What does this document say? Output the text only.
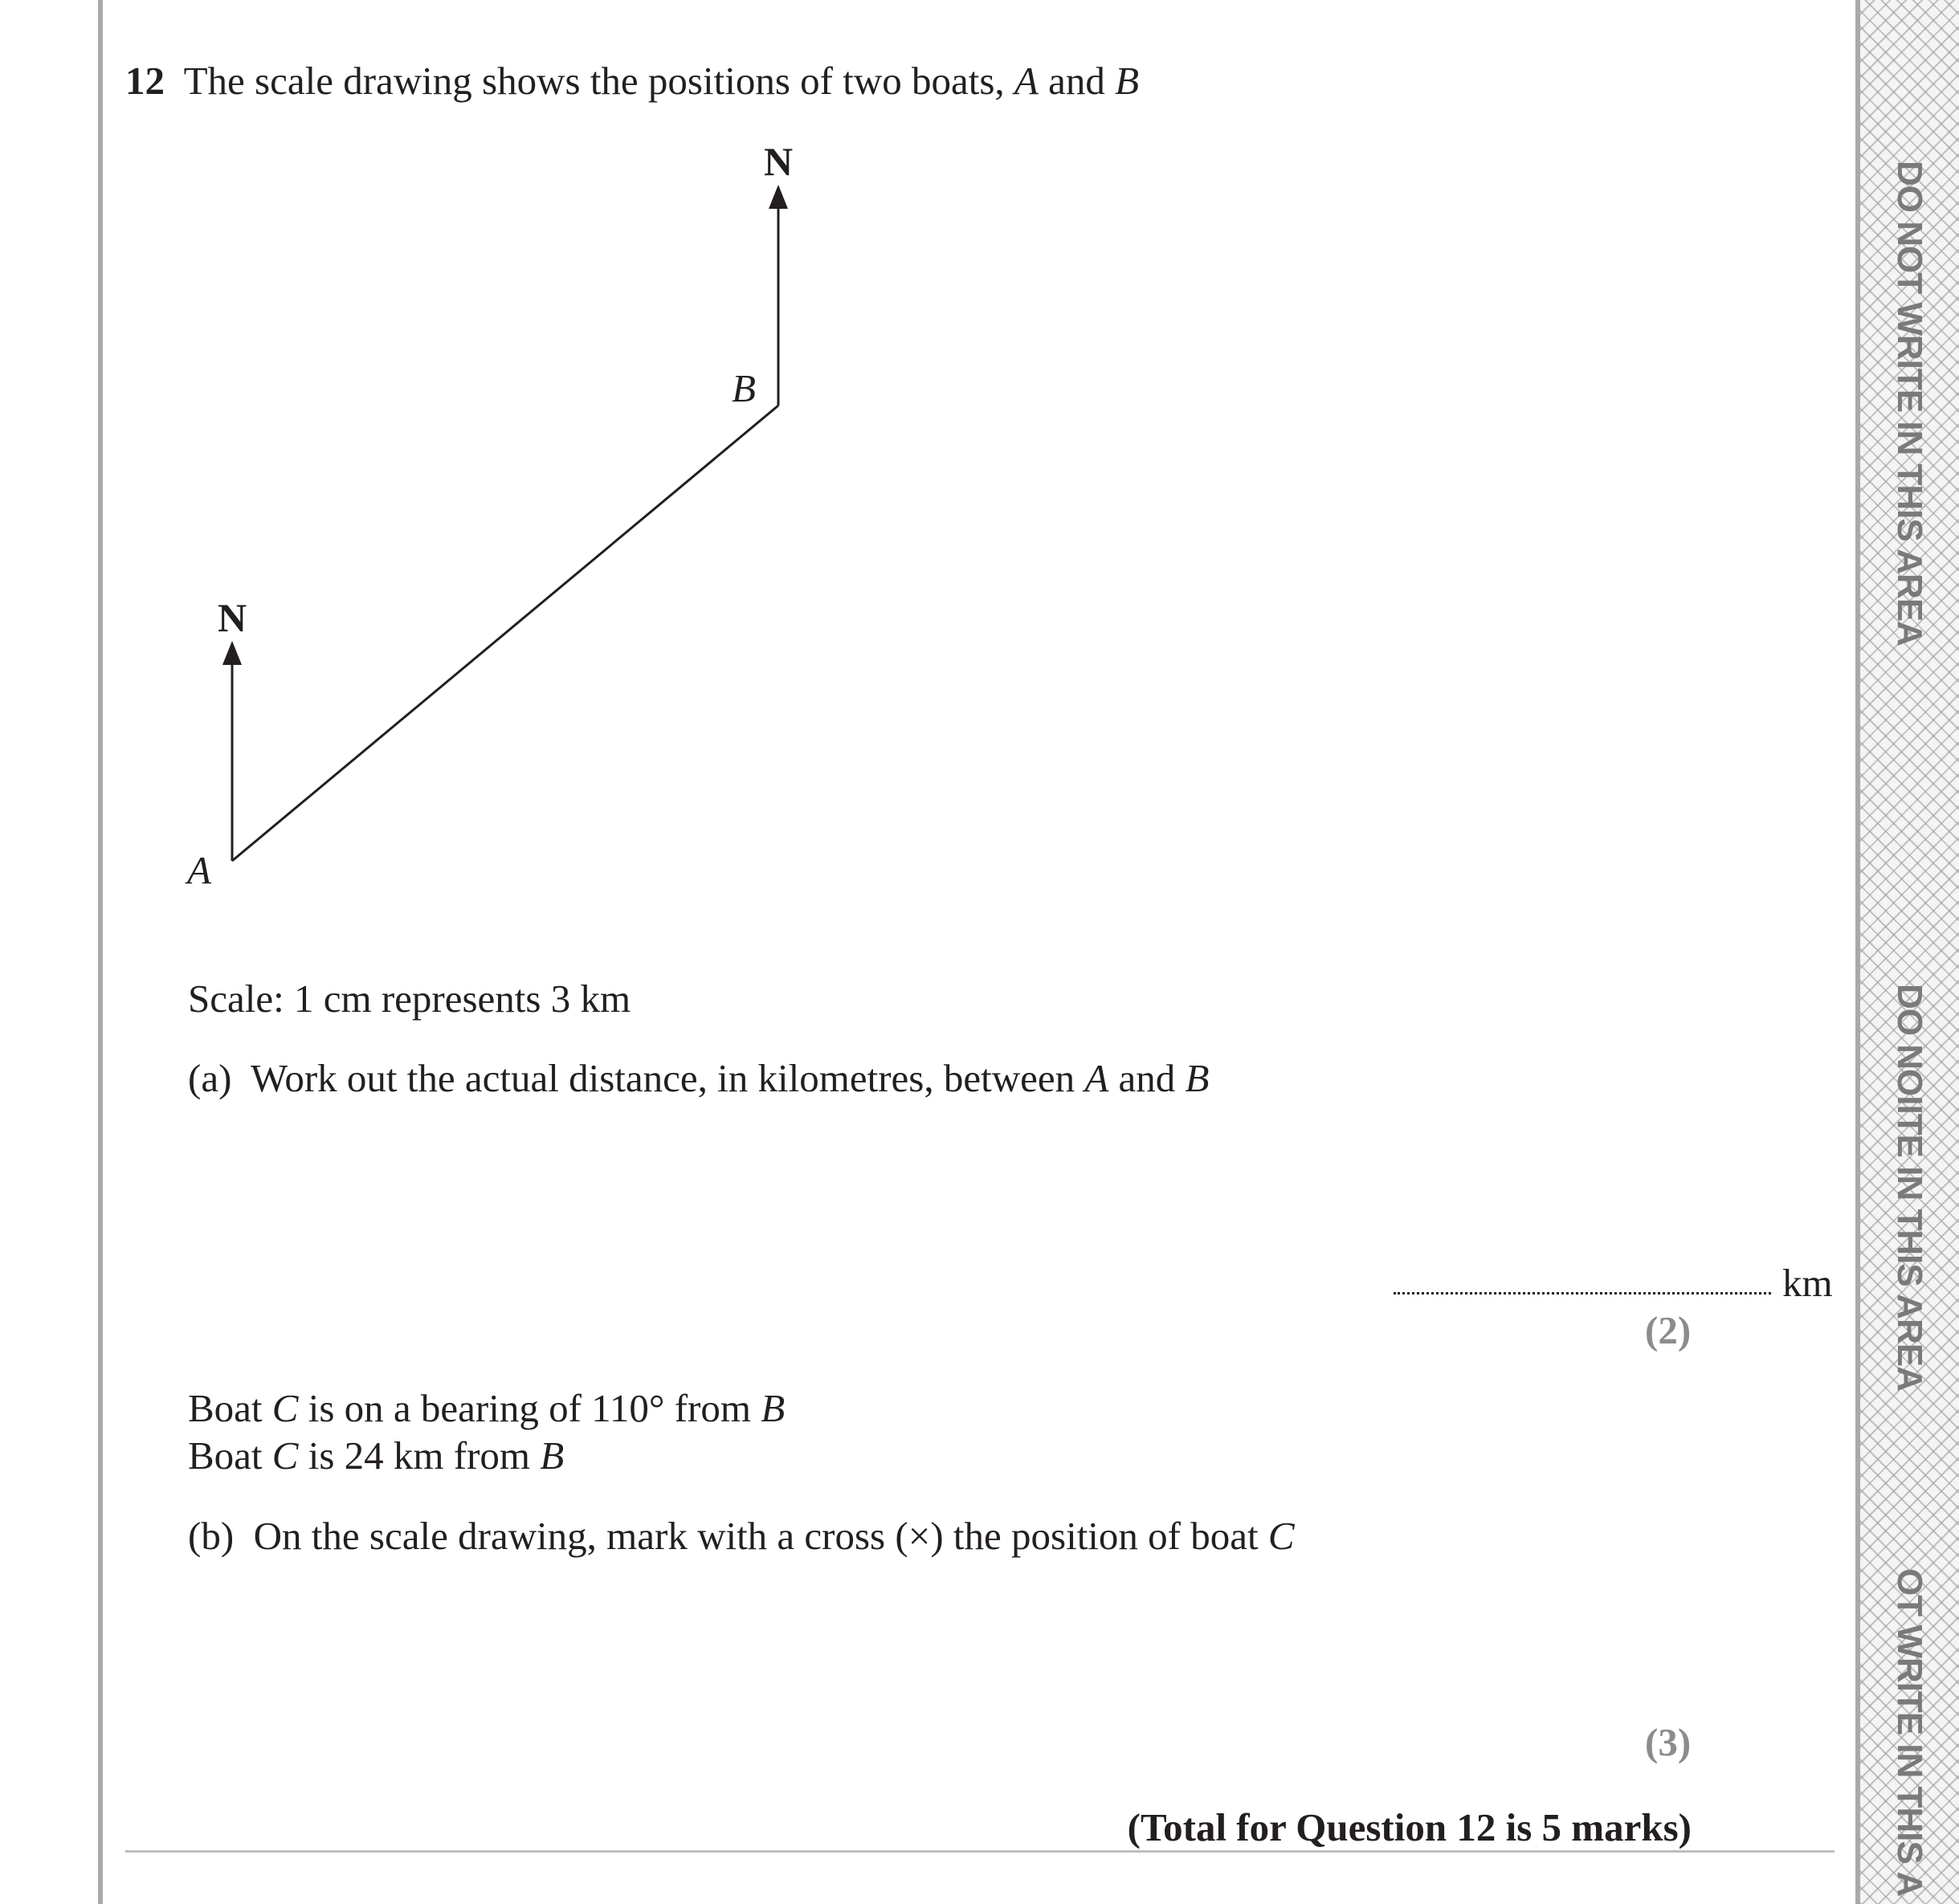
DO NOT WRITE IN THIS AREA
DO NOIITE IN THIS AREA
OT WRITE IN THIS A
12 The scale drawing shows the positions of two boats, A and B
N
N
B
A
Scale: 1 cm represents 3 km
(a) Work out the actual distance, in kilometres, between A and B
km
(2)
Boat C is on a bearing of 110° from B
Boat C is 24 km from B
(b) On the scale drawing, mark with a cross (×) the position of boat C
(3)
(Total for Question 12 is 5 marks)
